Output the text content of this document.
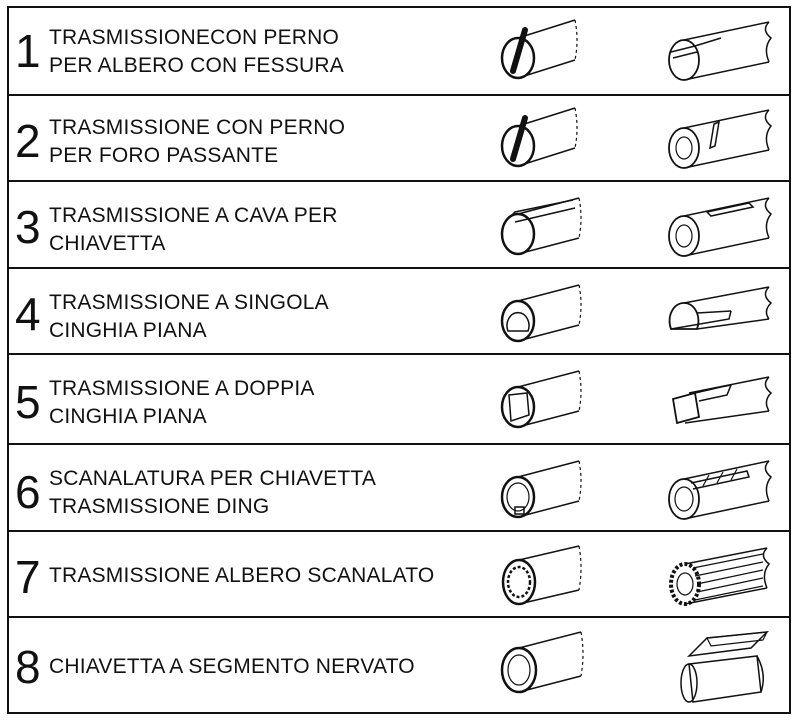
1 TRASMISSIONECON PERNO
PER ALBERO CON FESSURA
2 TRASMISSIONE CON PERNO
PER FORO PASSANTE
3 TRASMISSIONE A CAVA PER
CHIAVETTA
4 TRASMISSIONE A SINGOLA
CINGHIA PIANA
5 TRASMISSIONE A DOPPIA
CINGHIA PIANA
6 SCANALATURA PER CHIAVETTA
TRASMISSIONE DING
7 TRASMISSIONE ALBERO SCANALATO
8 CHIAVETTA A SEGMENTO NERVATO
